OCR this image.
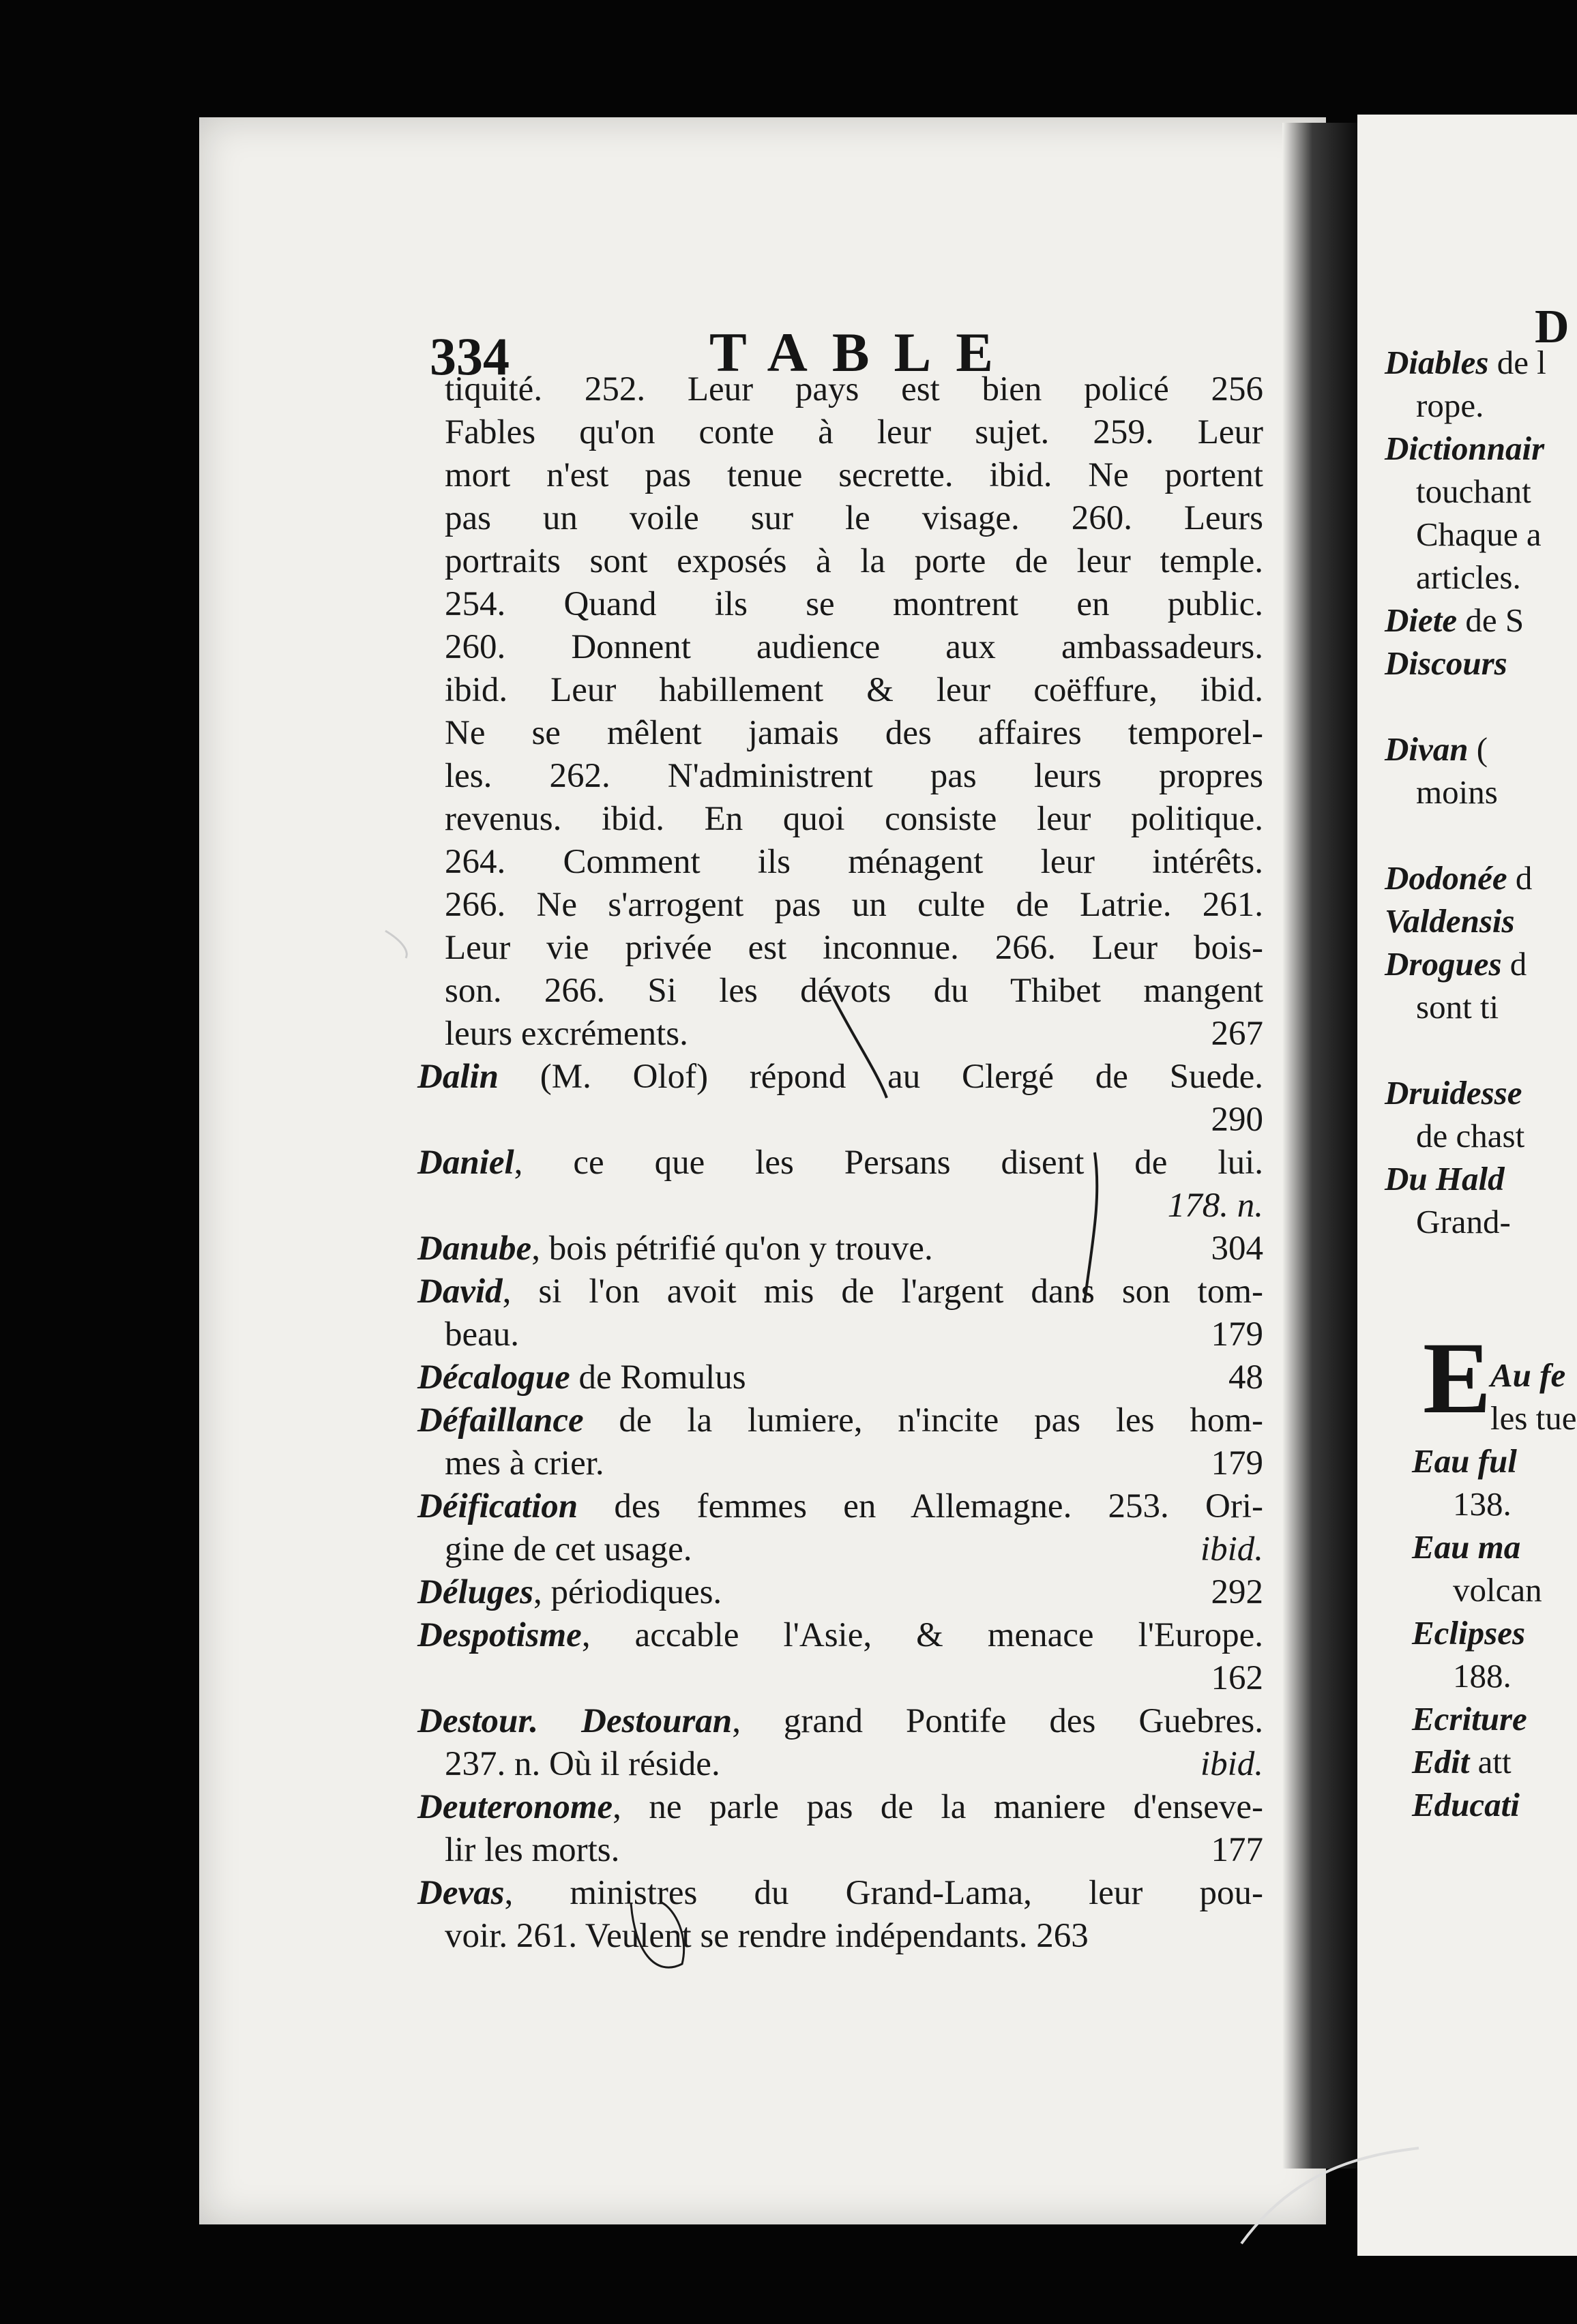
334	TABLE
tiquité. 252. Leur pays est bien policé 256
Fables qu'on conte à leur sujet. 259. Leur
mort n'est pas tenue secrette. ibid. Ne portent
pas un voile sur le visage. 260. Leurs
portraits sont exposés à la porte de leur temple.
254. Quand ils se montrent en public.
260. Donnent audience aux ambassadeurs.
ibid. Leur habillement & leur coëffure, ibid.
Ne se mêlent jamais des affaires temporel-
les. 262. N'administrent pas leurs propres
revenus. ibid. En quoi consiste leur politique.
264. Comment ils ménagent leur intérêts.
266. Ne s'arrogent pas un culte de Latrie. 261.
Leur vie privée est inconnue. 266. Leur bois-
son. 266. Si les dévots du Thibet mangent
leurs excréments.	267
Dalin (M. Olof) répond au Clergé de Suede.
290
Daniel, ce que les Persans disent de lui.
178. n.
Danube, bois pétrifié qu'on y trouve.	304
David, si l'on avoit mis de l'argent dans son tom-
beau.	179
Décalogue de Romulus	48
Défaillance de la lumiere, n'incite pas les hom-
mes à crier.	179
Déification des femmes en Allemagne. 253. Ori-
gine de cet usage.	ibid.
Déluges, périodiques.	292
Despotisme, accable l'Asie, & menace l'Europe.
162
Destour. Destouran, grand Pontife des Guebres.
237. n. Où il réside.	ibid.
Deuteronome, ne parle pas de la maniere d'enseve-
lir les morts.	177
Devas, ministres du Grand-Lama, leur pou-
voir. 261. Veulent se rendre indépendants. 263
D
Diables de l
rope.
Dictionnair
touchant
Chaque a
articles.
Diete de S
Discours

Divan (
moins

Dodonée d
Valdensis
Drogues d
sont ti

Druidesse
de chast
Du Hald
Grand-
E
Au fe
les tue
Eau ful
138.
Eau ma
volcan
Eclipses
188.
Ecriture
Edit att
Educati
